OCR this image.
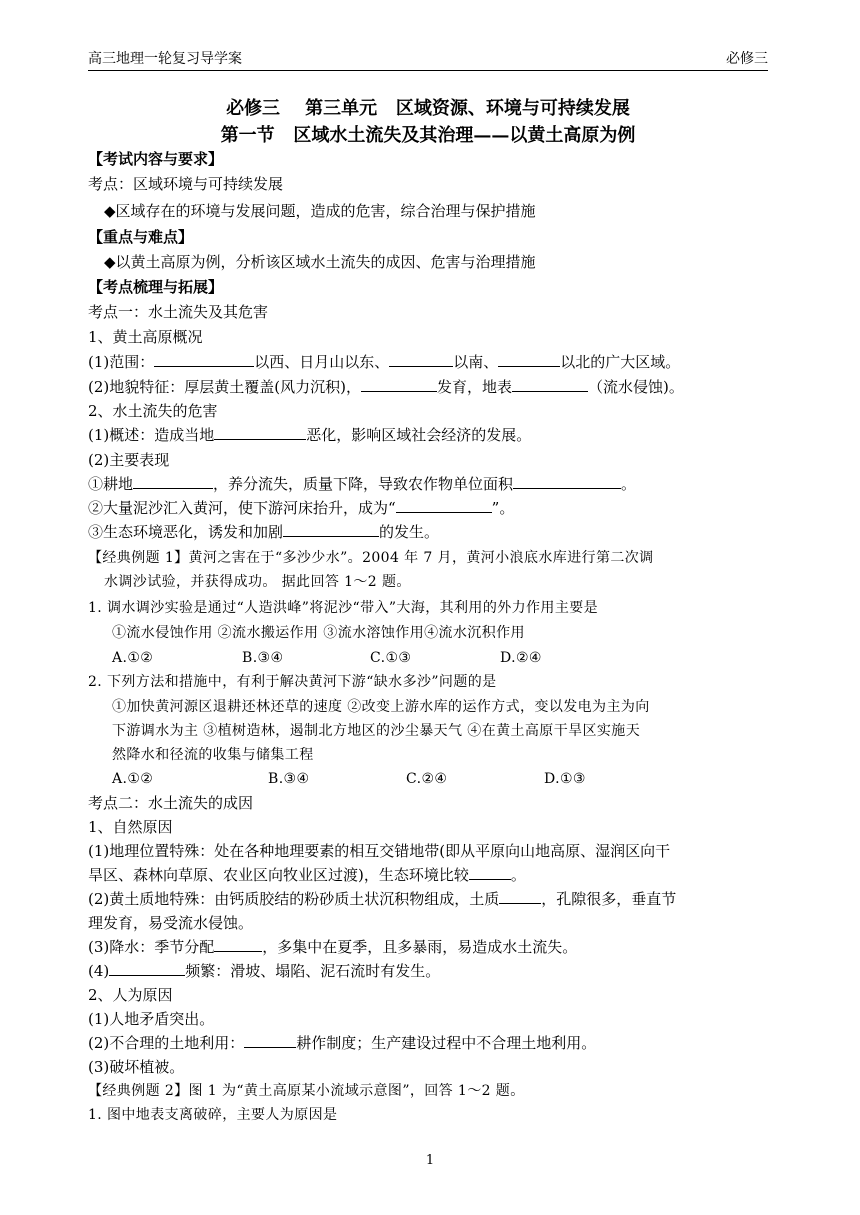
高三地理一轮复习导学案	必修三
必修三    第三单元   区域资源、环境与可持续发展
第一节   区域水土流失及其治理——以黄土高原为例
【考试内容与要求】
考点：区域环境与可持续发展
◆区域存在的环境与发展问题，造成的危害，综合治理与保护措施
【重点与难点】
◆以黄土高原为例，分析该区域水土流失的成因、危害与治理措施
【考点梳理与拓展】
考点一：水土流失及其危害
1、黄土高原概况
(1)范围：	以西、日月山以东、	以南、	以北的广大区域。
(2)地貌特征：厚层黄土覆盖(风力沉积)，	发育，地表	（流水侵蚀)。
2、水土流失的危害
(1)概述：造成当地	恶化，影响区域社会经济的发展。
(2)主要表现
①耕地	，养分流失，质量下降，导致农作物单位面积	。
②大量泥沙汇入黄河，使下游河床抬升，成为“	”。
③生态环境恶化，诱发和加剧	的发生。
【经典例题 1】黄河之害在于“多沙少水”。2004 年 7 月，黄河小浪底水库进行第二次调
水调沙试验，并获得成功。 据此回答 1～2 题。
1. 调水调沙实验是通过“人造洪峰”将泥沙“带入”大海，其利用的外力作用主要是
①流水侵蚀作用 ②流水搬运作用 ③流水溶蚀作用④流水沉积作用
A.①②	B.③④	C.①③	D.②④
2. 下列方法和措施中，有利于解决黄河下游“缺水多沙”问题的是
①加快黄河源区退耕还林还草的速度 ②改变上游水库的运作方式，变以发电为主为向
下游调水为主 ③植树造林，遏制北方地区的沙尘暴天气 ④在黄土高原干旱区实施天
然降水和径流的收集与储集工程
A.①②	B.③④	C.②④	D.①③
考点二：水土流失的成因
1、自然原因
(1)地理位置特殊：处在各种地理要素的相互交错地带(即从平原向山地高原、湿润区向干
旱区、森林向草原、农业区向牧业区过渡)，生态环境比较	。
(2)黄土质地特殊：由钙质胶结的粉砂质土状沉积物组成，土质	，孔隙很多，垂直节
理发育，易受流水侵蚀。
(3)降水：季节分配	，多集中在夏季，且多暴雨，易造成水土流失。
(4)	频繁：滑坡、塌陷、泥石流时有发生。
2、人为原因
(1)人地矛盾突出。
(2)不合理的土地利用：	耕作制度；生产建设过程中不合理土地利用。
(3)破坏植被。
【经典例题 2】图 1 为“黄土高原某小流域示意图”，回答 1～2 题。
1. 图中地表支离破碎，主要人为原因是
1
